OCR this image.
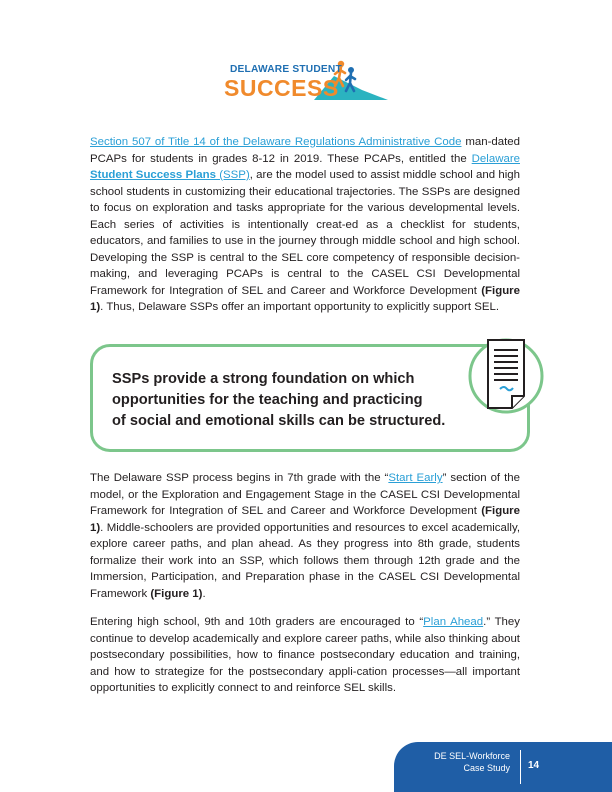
DELAWARE STUDENT
SUCCESS
Section 507 of Title 14 of the Delaware Regulations Administrative Code man-dated PCAPs for students in grades 8-12 in 2019. These PCAPs, entitled the Delaware Student Success Plans (SSP), are the model used to assist middle school and high school students in customizing their educational trajectories. The SSPs are designed to focus on exploration and tasks appropriate for the various developmental levels. Each series of activities is intentionally creat-ed as a checklist for students, educators, and families to use in the journey through middle school and high school. Developing the SSP is central to the SEL core competency of responsible decision-making, and leveraging PCAPs is central to the CASEL CSI Developmental Framework for Integration of SEL and Career and Workforce Development (Figure 1). Thus, Delaware SSPs offer an important opportunity to explicitly support SEL.
SSPs provide a strong foundation on which
opportunities for the teaching and practicing
of social and emotional skills can be structured.
The Delaware SSP process begins in 7th grade with the “Start Early” section of the model, or the Exploration and Engagement Stage in the CASEL CSI Developmental Framework for Integration of SEL and Career and Workforce Development (Figure 1). Middle-schoolers are provided opportunities and resources to excel academically, explore career paths, and plan ahead. As they progress into 8th grade, students formalize their work into an SSP, which follows them through 12th grade and the Immersion, Participation, and Preparation phase in the CASEL CSI Developmental Framework (Figure 1).
Entering high school, 9th and 10th graders are encouraged to “Plan Ahead.” They continue to develop academically and explore career paths, while also thinking about postsecondary possibilities, how to finance postsecondary education and training, and how to strategize for the postsecondary appli-cation processes—all important opportunities to explicitly connect to and reinforce SEL skills.
DE SEL-Workforce
Case Study 14
